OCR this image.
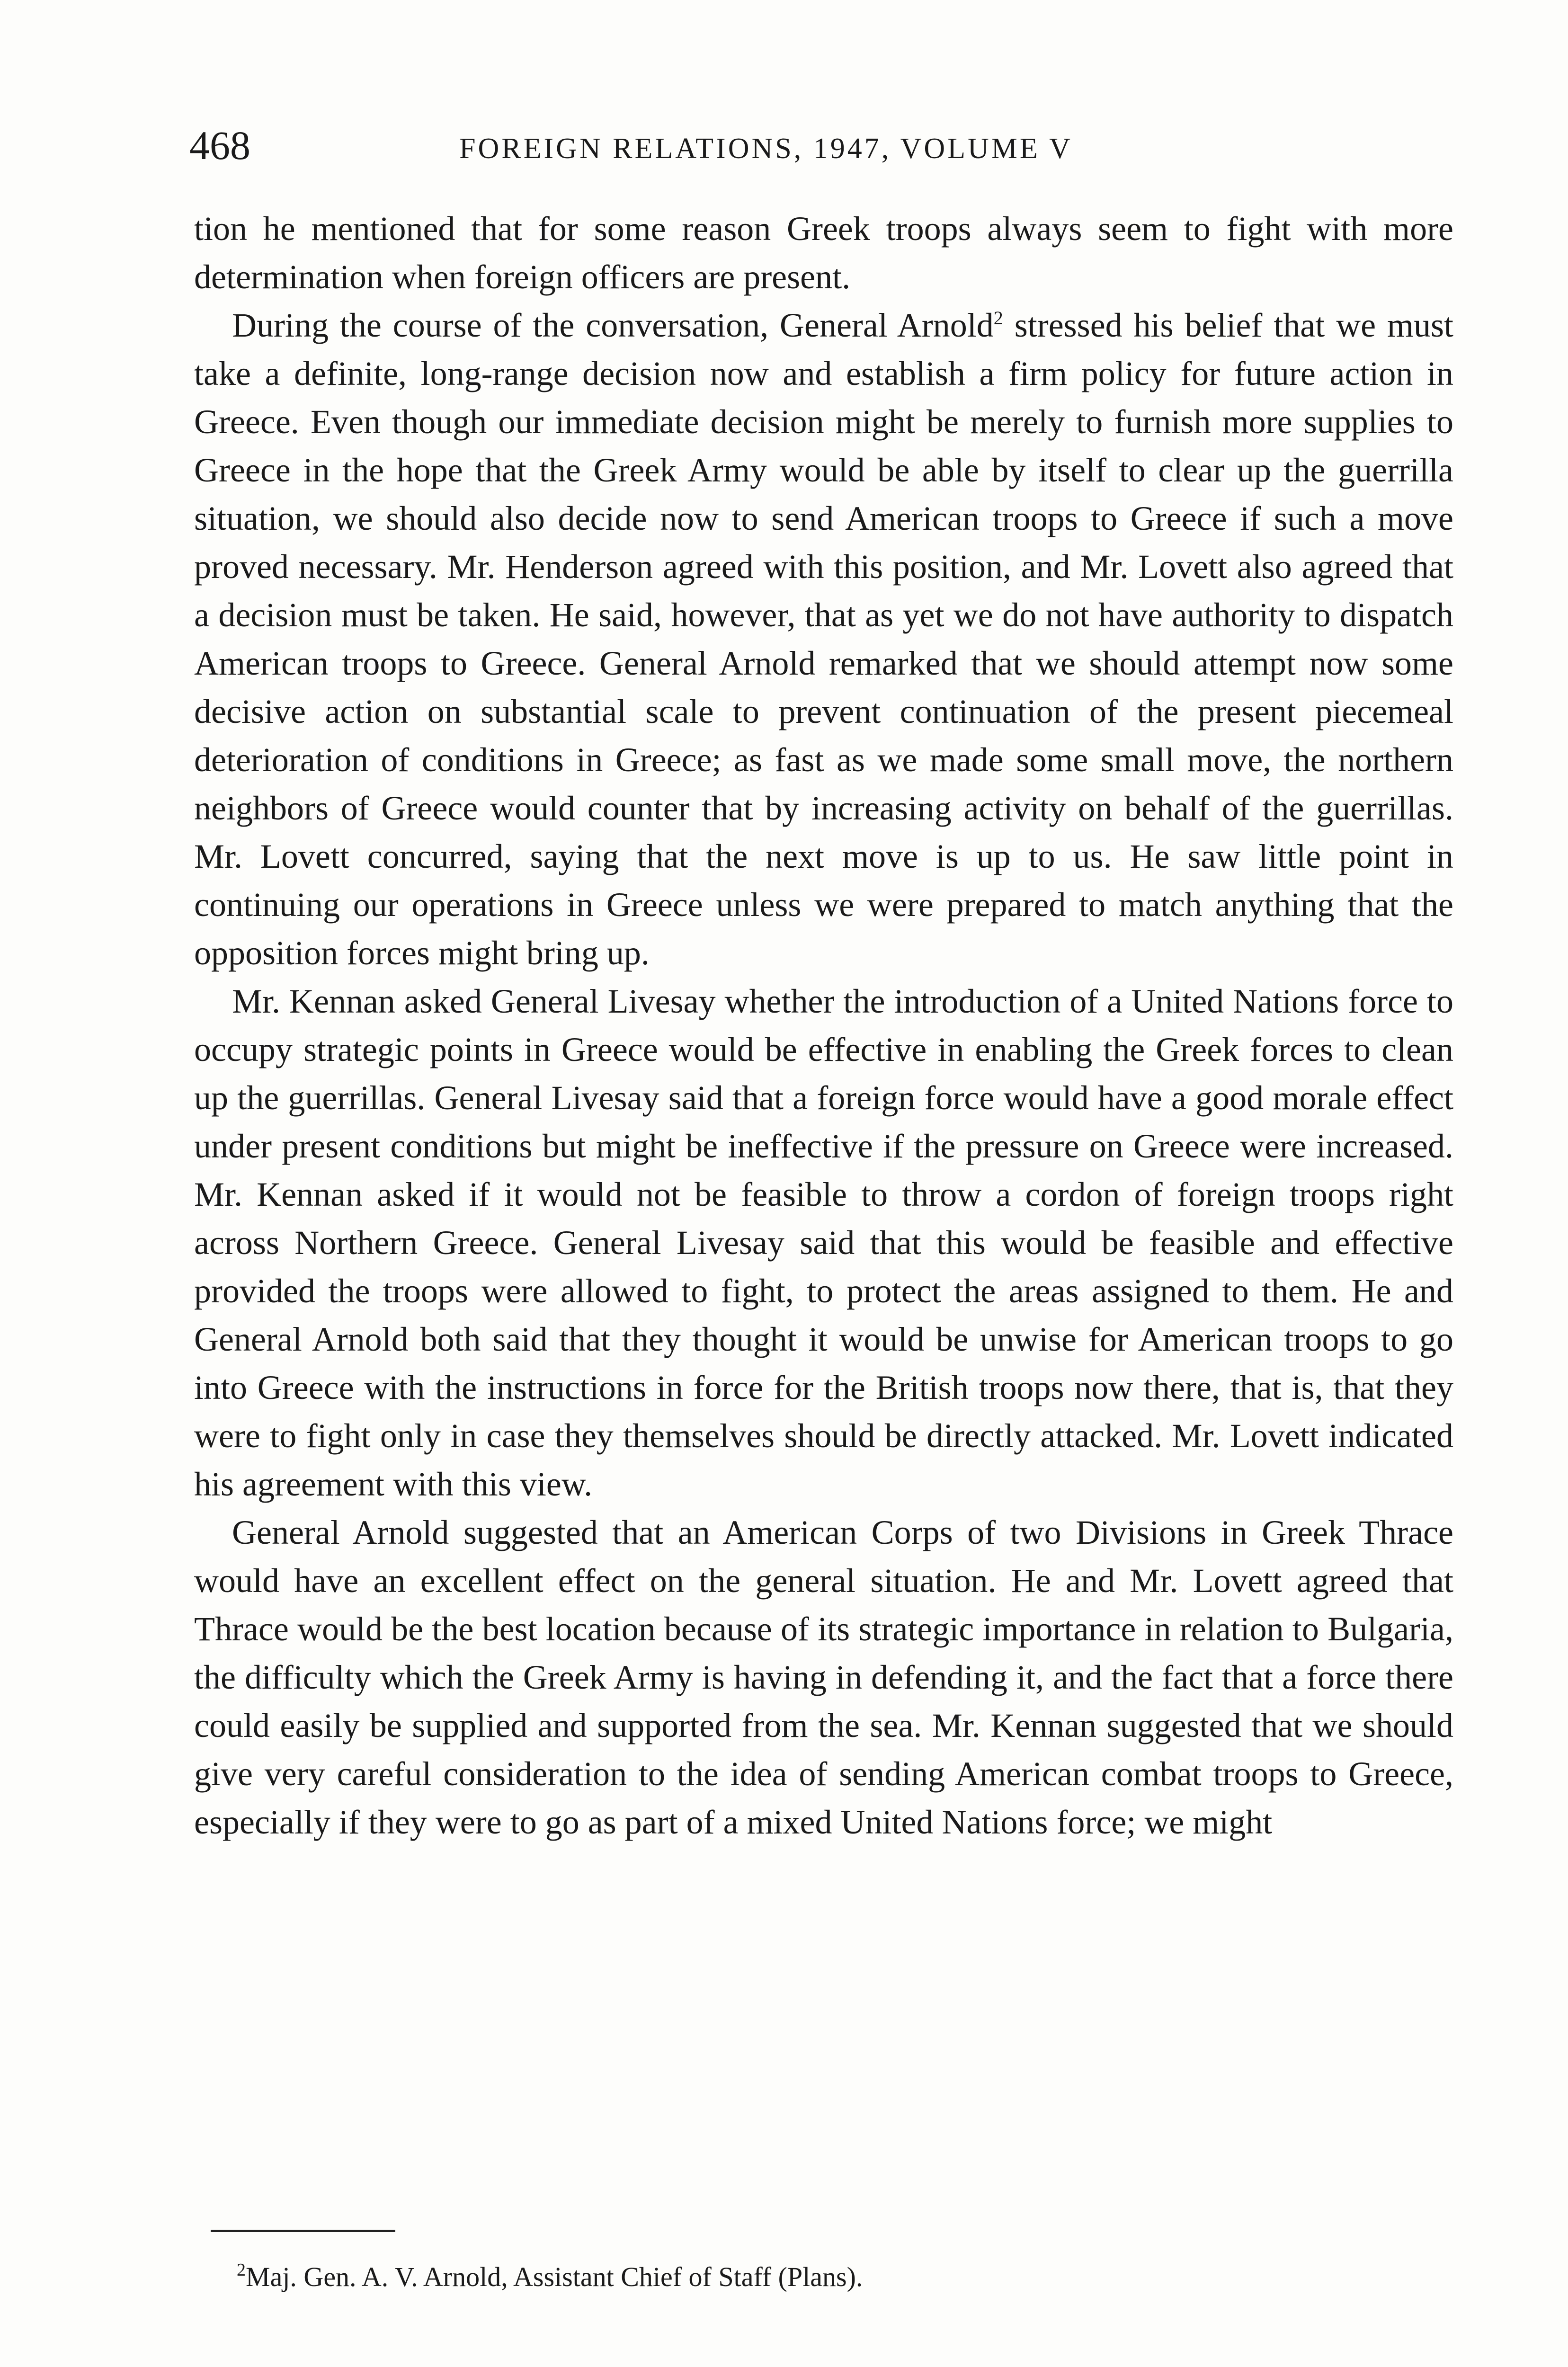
468	FOREIGN RELATIONS, 1947, VOLUME V

tion he mentioned that for some reason Greek troops always seem to fight with more determination when foreign officers are present.

During the course of the conversation, General Arnold$^2$ stressed his belief that we must take a definite, long-range decision now and establish a firm policy for future action in Greece. Even though our immediate decision might be merely to furnish more supplies to Greece in the hope that the Greek Army would be able by itself to clear up the guerrilla situation, we should also decide now to send American troops to Greece if such a move proved necessary. Mr. Henderson agreed with this position, and Mr. Lovett also agreed that a decision must be taken. He said, however, that as yet we do not have authority to dispatch American troops to Greece. General Arnold remarked that we should attempt now some decisive action on substantial scale to prevent continuation of the present piecemeal deterioration of conditions in Greece; as fast as we made some small move, the northern neighbors of Greece would counter that by increasing activity on behalf of the guerrillas. Mr. Lovett concurred, saying that the next move is up to us. He saw little point in continuing our operations in Greece unless we were prepared to match anything that the opposition forces might bring up.

Mr. Kennan asked General Livesay whether the introduction of a United Nations force to occupy strategic points in Greece would be effective in enabling the Greek forces to clean up the guerrillas. General Livesay said that a foreign force would have a good morale effect under present conditions but might be ineffective if the pressure on Greece were increased. Mr. Kennan asked if it would not be feasible to throw a cordon of foreign troops right across Northern Greece. General Livesay said that this would be feasible and effective provided the troops were allowed to fight, to protect the areas assigned to them. He and General Arnold both said that they thought it would be unwise for American troops to go into Greece with the instructions in force for the British troops now there, that is, that they were to fight only in case they themselves should be directly attacked. Mr. Lovett indicated his agreement with this view.

General Arnold suggested that an American Corps of two Divisions in Greek Thrace would have an excellent effect on the general situation. He and Mr. Lovett agreed that Thrace would be the best location because of its strategic importance in relation to Bulgaria, the difficulty which the Greek Army is having in defending it, and the fact that a force there could easily be supplied and supported from the sea. Mr. Kennan suggested that we should give very careful consideration to the idea of sending American combat troops to Greece, especially if they were to go as part of a mixed United Nations force; we might

$^2$Maj. Gen. A. V. Arnold, Assistant Chief of Staff (Plans).
